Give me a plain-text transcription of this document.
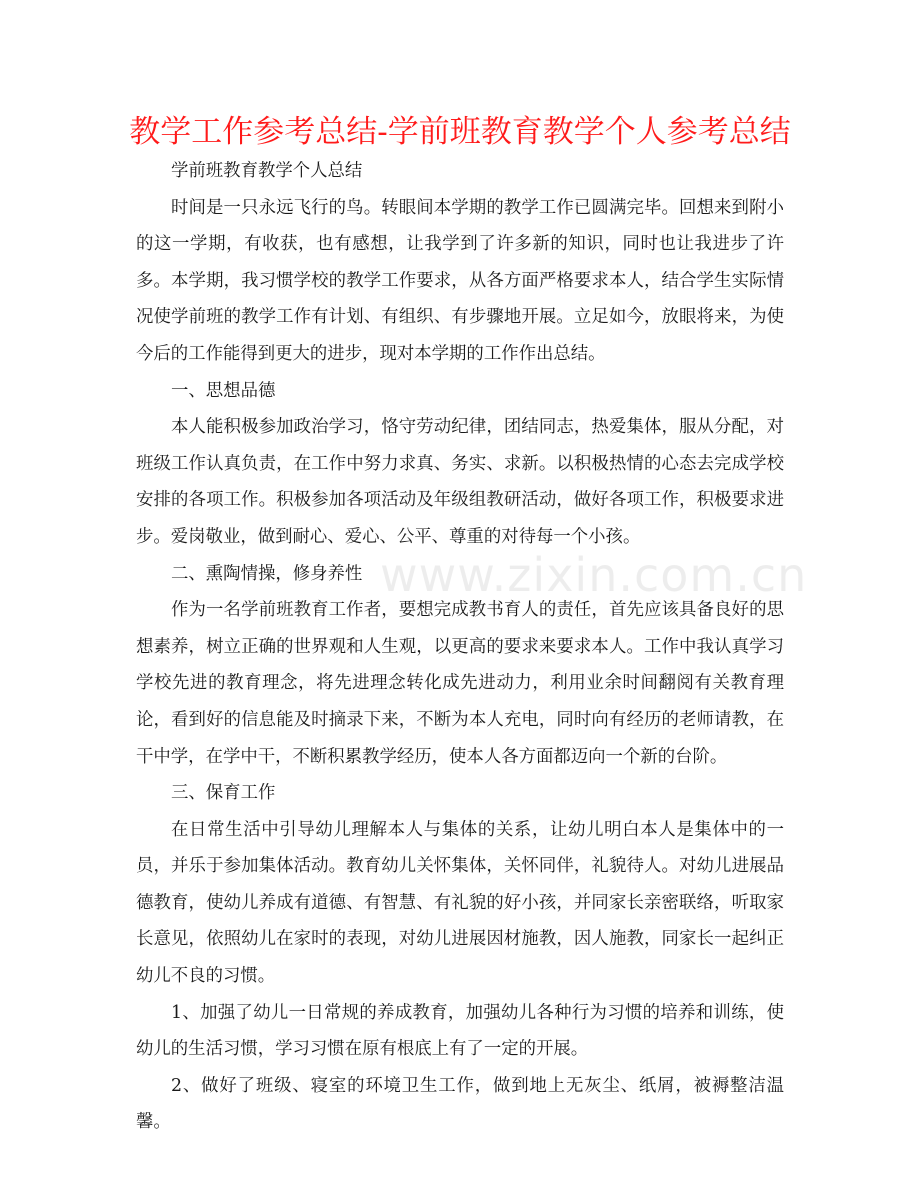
教学工作参考总结-学前班教育教学个人参考总结

学前班教育教学个人总结

时间是一只永远飞行的鸟。转眼间本学期的教学工作已圆满完毕。回想来到附小的这一学期，有收获，也有感想，让我学到了许多新的知识，同时也让我进步了许多。本学期，我习惯学校的教学工作要求，从各方面严格要求本人，结合学生实际情况使学前班的教学工作有计划、有组织、有步骤地开展。立足如今，放眼将来，为使今后的工作能得到更大的进步，现对本学期的工作作出总结。

一、思想品德

本人能积极参加政治学习，恪守劳动纪律，团结同志，热爱集体，服从分配，对班级工作认真负责，在工作中努力求真、务实、求新。以积极热情的心态去完成学校安排的各项工作。积极参加各项活动及年级组教研活动，做好各项工作，积极要求进步。爱岗敬业，做到耐心、爱心、公平、尊重的对待每一个小孩。

二、熏陶情操，修身养性

作为一名学前班教育工作者，要想完成教书育人的责任，首先应该具备良好的思想素养，树立正确的世界观和人生观，以更高的要求来要求本人。工作中我认真学习学校先进的教育理念，将先进理念转化成先进动力，利用业余时间翻阅有关教育理论，看到好的信息能及时摘录下来，不断为本人充电，同时向有经历的老师请教，在干中学，在学中干，不断积累教学经历，使本人各方面都迈向一个新的台阶。

三、保育工作

在日常生活中引导幼儿理解本人与集体的关系，让幼儿明白本人是集体中的一员，并乐于参加集体活动。教育幼儿关怀集体，关怀同伴，礼貌待人。对幼儿进展品德教育，使幼儿养成有道德、有智慧、有礼貌的好小孩，并同家长亲密联络，听取家长意见，依照幼儿在家时的表现，对幼儿进展因材施教，因人施教，同家长一起纠正幼儿不良的习惯。

1、加强了幼儿一日常规的养成教育，加强幼儿各种行为习惯的培养和训练，使幼儿的生活习惯，学习习惯在原有根底上有了一定的开展。

2、做好了班级、寝室的环境卫生工作，做到地上无灰尘、纸屑，被褥整洁温馨。

www.zixin.com.cn
